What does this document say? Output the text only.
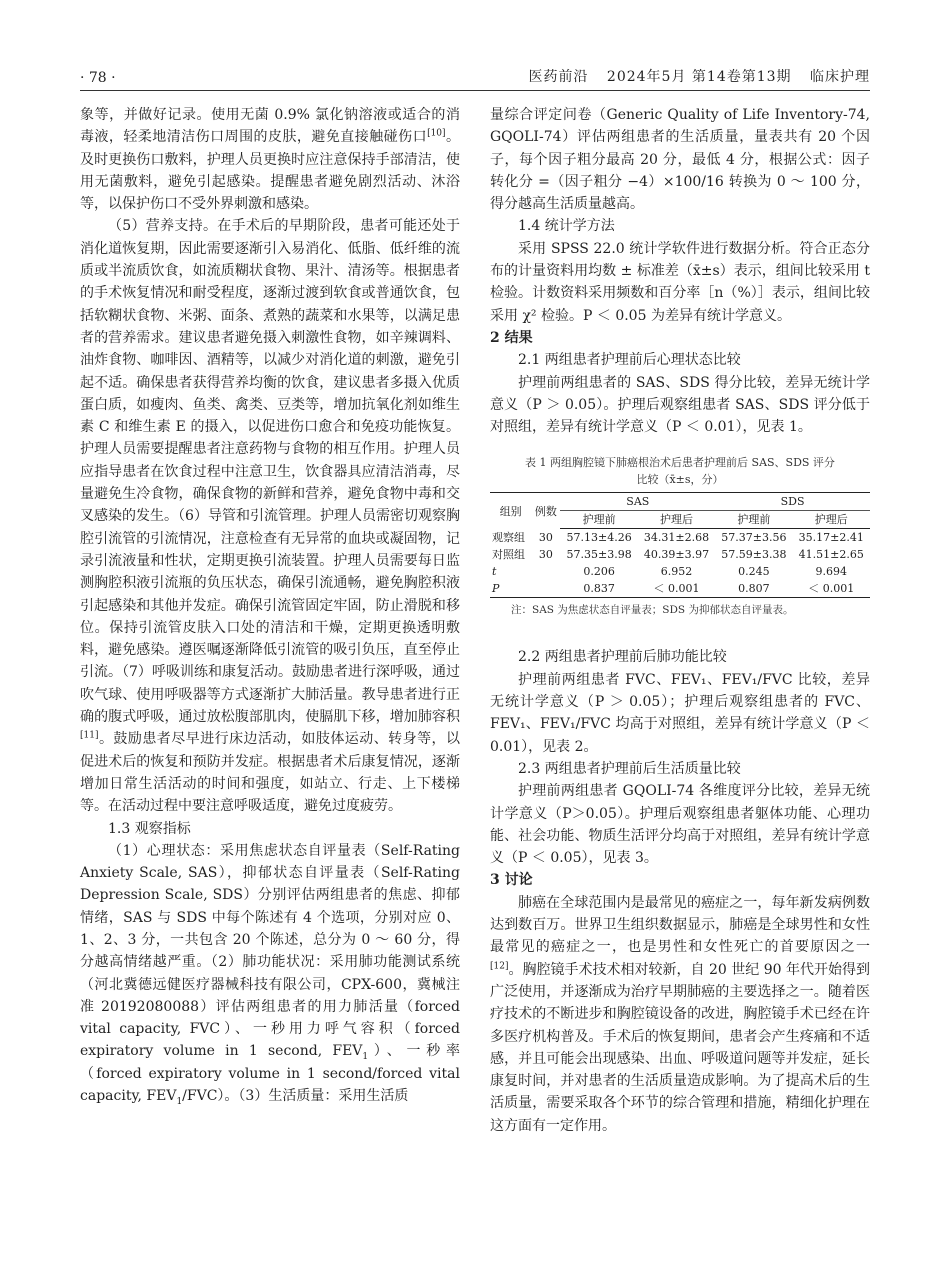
· 78 ·	医药前沿 2024年5月 第14卷第13期 临床护理

象等，并做好记录。使用无菌 0.9% 氯化钠溶液或适合的消毒液，轻柔地清洁伤口周围的皮肤，避免直接触碰伤口[10]。及时更换伤口敷料，护理人员更换时应注意保持手部清洁，使用无菌敷料，避免引起感染。提醒患者避免剧烈活动、沐浴等，以保护伤口不受外界刺激和感染。

（5）营养支持。在手术后的早期阶段，患者可能还处于消化道恢复期，因此需要逐渐引入易消化、低脂、低纤维的流质或半流质饮食，如流质糊状食物、果汁、清汤等。根据患者的手术恢复情况和耐受程度，逐渐过渡到软食或普通饮食，包括软糊状食物、米粥、面条、煮熟的蔬菜和水果等，以满足患者的营养需求。建议患者避免摄入刺激性食物，如辛辣调料、油炸食物、咖啡因、酒精等，以减少对消化道的刺激，避免引起不适。确保患者获得营养均衡的饮食，建议患者多摄入优质蛋白质，如瘦肉、鱼类、禽类、豆类等，增加抗氧化剂如维生素 C 和维生素 E 的摄入，以促进伤口愈合和免疫功能恢复。护理人员需要提醒患者注意药物与食物的相互作用。护理人员应指导患者在饮食过程中注意卫生，饮食器具应清洁消毒，尽量避免生冷食物，确保食物的新鲜和营养，避免食物中毒和交叉感染的发生。（6）导管和引流管理。护理人员需密切观察胸腔引流管的引流情况，注意检查有无异常的血块或凝固物，记录引流液量和性状，定期更换引流装置。护理人员需要每日监测胸腔积液引流瓶的负压状态，确保引流通畅，避免胸腔积液引起感染和其他并发症。确保引流管固定牢固，防止滑脱和移位。保持引流管皮肤入口处的清洁和干燥，定期更换透明敷料，避免感染。遵医嘱逐渐降低引流管的吸引负压，直至停止引流。（7）呼吸训练和康复活动。鼓励患者进行深呼吸，通过吹气球、使用呼吸器等方式逐渐扩大肺活量。教导患者进行正确的腹式呼吸，通过放松腹部肌肉，使膈肌下移，增加肺容积[11]。鼓励患者尽早进行床边活动，如肢体运动、转身等，以促进术后的恢复和预防并发症。根据患者术后康复情况，逐渐增加日常生活活动的时间和强度，如站立、行走、上下楼梯等。在活动过程中要注意呼吸适度，避免过度疲劳。

1.3 观察指标

（1）心理状态：采用焦虑状态自评量表（Self-Rating Anxiety Scale, SAS），抑郁状态自评量表（Self-Rating Depression Scale, SDS）分别评估两组患者的焦虑、抑郁情绪，SAS 与 SDS 中每个陈述有 4 个选项，分别对应 0、1、2、3 分，一共包含 20 个陈述，总分为 0 ～ 60 分，得分越高情绪越严重。（2）肺功能状况：采用肺功能测试系统（河北冀德远健医疗器械科技有限公司，CPX-600，冀械注准 20192080088）评估两组患者的用力肺活量（forced vital capacity, FVC）、一秒用力呼气容积（forced expiratory volume in 1 second, $FEV_1$）、一秒率（forced expiratory volume in 1 second/forced vital capacity, $FEV_1/FVC$）。（3）生活质量：采用生活质

量综合评定问卷（Generic Quality of Life Inventory-74, GQOLI-74）评估两组患者的生活质量，量表共有 20 个因子，每个因子粗分最高 20 分，最低 4 分，根据公式：因子转化分 =（因子粗分 −4）×100/16 转换为 0 ～ 100 分，得分越高生活质量越高。

1.4 统计学方法

采用 SPSS 22.0 统计学软件进行数据分析。符合正态分布的计量资料用均数 ± 标准差（x̄±s）表示，组间比较采用 t 检验。计数资料采用频数和百分率［n（%）］表示，组间比较采用 χ² 检验。P ＜ 0.05 为差异有统计学意义。

2 结果
2.1 两组患者护理前后心理状态比较

护理前两组患者的 SAS、SDS 得分比较，差异无统计学意义（P ＞ 0.05）。护理后观察组患者 SAS、SDS 评分低于对照组，差异有统计学意义（P ＜ 0.01），见表 1。

表 1 两组胸腔镜下肺癌根治术后患者护理前后 SAS、SDS 评分
比较（x̄±s，分）
组别	例数	SAS		SDS	
		护理前	护理后	护理前	护理后
观察组	30	57.13±4.26	34.31±2.68	57.37±3.56	35.17±2.41
对照组	30	57.35±3.98	40.39±3.97	57.59±3.38	41.51±2.65
t		0.206	6.952	0.245	9.694
P		0.837	＜ 0.001	0.807	＜ 0.001
注：SAS 为焦虑状态自评量表；SDS 为抑郁状态自评量表。
2.2 两组患者护理前后肺功能比较

护理前两组患者 FVC、FEV₁、FEV₁/FVC 比较，差异无统计学意义（P ＞ 0.05）；护理后观察组患者的 FVC、FEV₁、FEV₁/FVC 均高于对照组，差异有统计学意义（P ＜ 0.01），见表 2。

2.3 两组患者护理前后生活质量比较

护理前两组患者 GQOLI-74 各维度评分比较，差异无统计学意义（P＞0.05）。护理后观察组患者躯体功能、心理功能、社会功能、物质生活评分均高于对照组，差异有统计学意义（P ＜ 0.05），见表 3。

3 讨论

肺癌在全球范围内是最常见的癌症之一，每年新发病例数达到数百万。世界卫生组织数据显示，肺癌是全球男性和女性最常见的癌症之一，也是男性和女性死亡的首要原因之一[12]。胸腔镜手术技术相对较新，自 20 世纪 90 年代开始得到广泛使用，并逐渐成为治疗早期肺癌的主要选择之一。随着医疗技术的不断进步和胸腔镜设备的改进，胸腔镜手术已经在许多医疗机构普及。手术后的恢复期间，患者会产生疼痛和不适感，并且可能会出现感染、出血、呼吸道问题等并发症，延长康复时间，并对患者的生活质量造成影响。为了提高术后的生活质量，需要采取各个环节的综合管理和措施，精细化护理在这方面有一定作用。
